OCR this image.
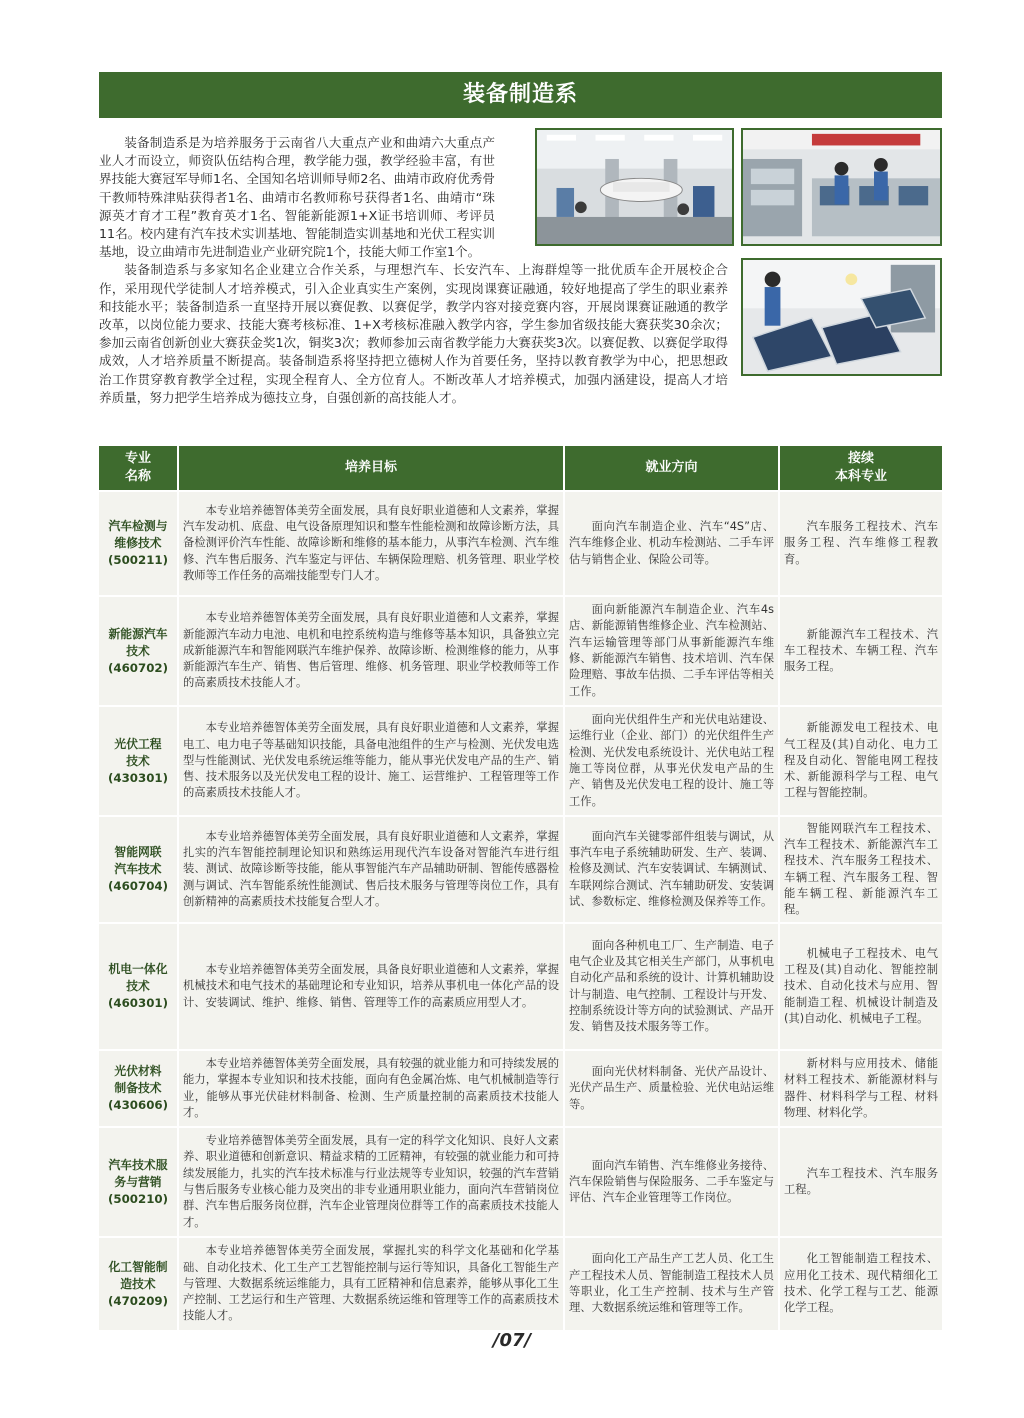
装备制造系

装备制造系是为培养服务于云南省八大重点产业和曲靖六大重点产业人才而设立，师资队伍结构合理，教学能力强，教学经验丰富，有世界技能大赛冠军导师1名、全国知名培训师导师2名、曲靖市政府优秀骨干教师特殊津贴获得者1名、曲靖市名教师称号获得者1名、曲靖市“珠源英才育才工程”教育英才1名、智能新能源1+X证书培训师、考评员11名。校内建有汽车技术实训基地、智能制造实训基地和光伏工程实训基地，设立曲靖市先进制造业产业研究院1个，技能大师工作室1个。

装备制造系与多家知名企业建立合作关系，与理想汽车、长安汽车、上海群煌等一批优质车企开展校企合作，采用现代学徒制人才培养模式，引入企业真实生产案例，实现岗课赛证融通，较好地提高了学生的职业素养和技能水平；装备制造系一直坚持开展以赛促教、以赛促学，教学内容对接竞赛内容，开展岗课赛证融通的教学改革，以岗位能力要求、技能大赛考核标准、1+X考核标准融入教学内容，学生参加省级技能大赛获奖30余次；参加云南省创新创业大赛获金奖1次，铜奖3次；教师参加云南省教学能力大赛获奖3次。以赛促教、以赛促学取得成效，人才培养质量不断提高。装备制造系将坚持把立德树人作为首要任务，坚持以教育教学为中心，把思想政治工作贯穿教育教学全过程，实现全程育人、全方位育人。不断改革人才培养模式，加强内涵建设，提高人才培养质量，努力把学生培养成为德技立身，自强创新的高技能人才。

专业
名称
培养目标	就业方向
接续
本科专业
汽车检测与
维修技术
(500211)
本专业培养德智体美劳全面发展，具有良好职业道德和人文素养，掌握汽车发动机、底盘、电气设备原理知识和整车性能检测和故障诊断方法，具备检测评价汽车性能、故障诊断和维修的基本能力，从事汽车检测、汽车维修、汽车售后服务、汽车鉴定与评估、车辆保险理赔、机务管理、职业学校教师等工作任务的高端技能型专门人才。
面向汽车制造企业、汽车“4S”店、汽车维修企业、机动车检测站、二手车评估与销售企业、保险公司等。
汽车服务工程技术、汽车服务工程、汽车维修工程教育。
新能源汽车
技术
(460702)
本专业培养德智体美劳全面发展，具有良好职业道德和人文素养，掌握新能源汽车动力电池、电机和电控系统构造与维修等基本知识，具备独立完成新能源汽车和智能网联汽车维护保养、故障诊断、检测维修的能力，从事新能源汽车生产、销售、售后管理、维修、机务管理、职业学校教师等工作的高素质技术技能人才。
面向新能源汽车制造企业、汽车4s店、新能源销售维修企业、汽车检测站、汽车运输管理等部门从事新能源汽车维修、新能源汽车销售、技术培训、汽车保险理赔、事故车估损、二手车评估等相关工作。
新能源汽车工程技术、汽车工程技术、车辆工程、汽车服务工程。
光伏工程
技术
(430301)
本专业培养德智体美劳全面发展，具有良好职业道德和人文素养，掌握电工、电力电子等基础知识技能，具备电池组件的生产与检测、光伏发电选型与性能测试、光伏发电系统运维等能力，能从事光伏发电产品的生产、销售、技术服务以及光伏发电工程的设计、施工、运营维护、工程管理等工作的高素质技术技能人才。
面向光伏组件生产和光伏电站建设、运维行业（企业、部门）的光伏组件生产检测、光伏发电系统设计、光伏电站工程施工等岗位群，从事光伏发电产品的生产、销售及光伏发电工程的设计、施工等工作。
新能源发电工程技术、电气工程及(其)自动化、电力工程及自动化、智能电网工程技术、新能源科学与工程、电气工程与智能控制。
智能网联
汽车技术
(460704)
本专业培养德智体美劳全面发展，具有良好职业道德和人文素养，掌握扎实的汽车智能控制理论知识和熟练运用现代汽车设备对智能汽车进行组装、测试、故障诊断等技能，能从事智能汽车产品辅助研制、智能传感器检测与调试、汽车智能系统性能测试、售后技术服务与管理等岗位工作，具有创新精神的高素质技术技能复合型人才。
面向汽车关键零部件组装与调试，从事汽车电子系统辅助研发、生产、装调、检修及测试、汽车安装调试、车辆测试、车联网综合测试、汽车辅助研发、安装调试、参数标定、维修检测及保养等工作。
智能网联汽车工程技术、汽车工程技术、新能源汽车工程技术、汽车服务工程技术、车辆工程、汽车服务工程、智能车辆工程、新能源汽车工程。
机电一体化
技术
(460301)
本专业培养德智体美劳全面发展，具备良好职业道德和人文素养，掌握机械技术和电气技术的基础理论和专业知识，培养从事机电一体化产品的设计、安装调试、维护、维修、销售、管理等工作的高素质应用型人才。
面向各种机电工厂、生产制造、电子电气企业及其它相关生产部门，从事机电自动化产品和系统的设计、计算机辅助设计与制造、电气控制、工程设计与开发、控制系统设计等方向的试验测试、产品开发、销售及技术服务等工作。
机械电子工程技术、电气工程及(其)自动化、智能控制技术、自动化技术与应用、智能制造工程、机械设计制造及(其)自动化、机械电子工程。
光伏材料
制备技术
(430606)
本专业培养德智体美劳全面发展，具有较强的就业能力和可持续发展的能力，掌握本专业知识和技术技能，面向有色金属冶炼、电气机械制造等行业，能够从事光伏硅材料制备、检测、生产质量控制的高素质技术技能人才。
面向光伏材料制备、光伏产品设计、光伏产品生产、质量检验、光伏电站运维等。
新材料与应用技术、储能材料工程技术、新能源材料与器件、材料科学与工程、材料物理、材料化学。
汽车技术服
务与营销
(500210)
专业培养德智体美劳全面发展，具有一定的科学文化知识、良好人文素养、职业道德和创新意识、精益求精的工匠精神，有较强的就业能力和可持续发展能力，扎实的汽车技术标准与行业法规等专业知识，较强的汽车营销与售后服务专业核心能力及突出的非专业通用职业能力，面向汽车营销岗位群、汽车售后服务岗位群，汽车企业管理岗位群等工作的高素质技术技能人才。
面向汽车销售、汽车维修业务接待、汽车保险销售与保险服务、二手车鉴定与评估、汽车企业管理等工作岗位。
汽车工程技术、汽车服务工程。
化工智能制
造技术
(470209)
本专业培养德智体美劳全面发展，掌握扎实的科学文化基础和化学基础、自动化技术、化工生产工艺智能控制与运行等知识，具备化工智能生产与管理、大数据系统运维能力，具有工匠精神和信息素养，能够从事化工生产控制、工艺运行和生产管理、大数据系统运维和管理等工作的高素质技术技能人才。
面向化工产品生产工艺人员、化工生产工程技术人员、智能制造工程技术人员等职业，化工生产控制、技术与生产管理、大数据系统运维和管理等工作。
化工智能制造工程技术、应用化工技术、现代精细化工技术、化学工程与工艺、能源化学工程。
/07/
